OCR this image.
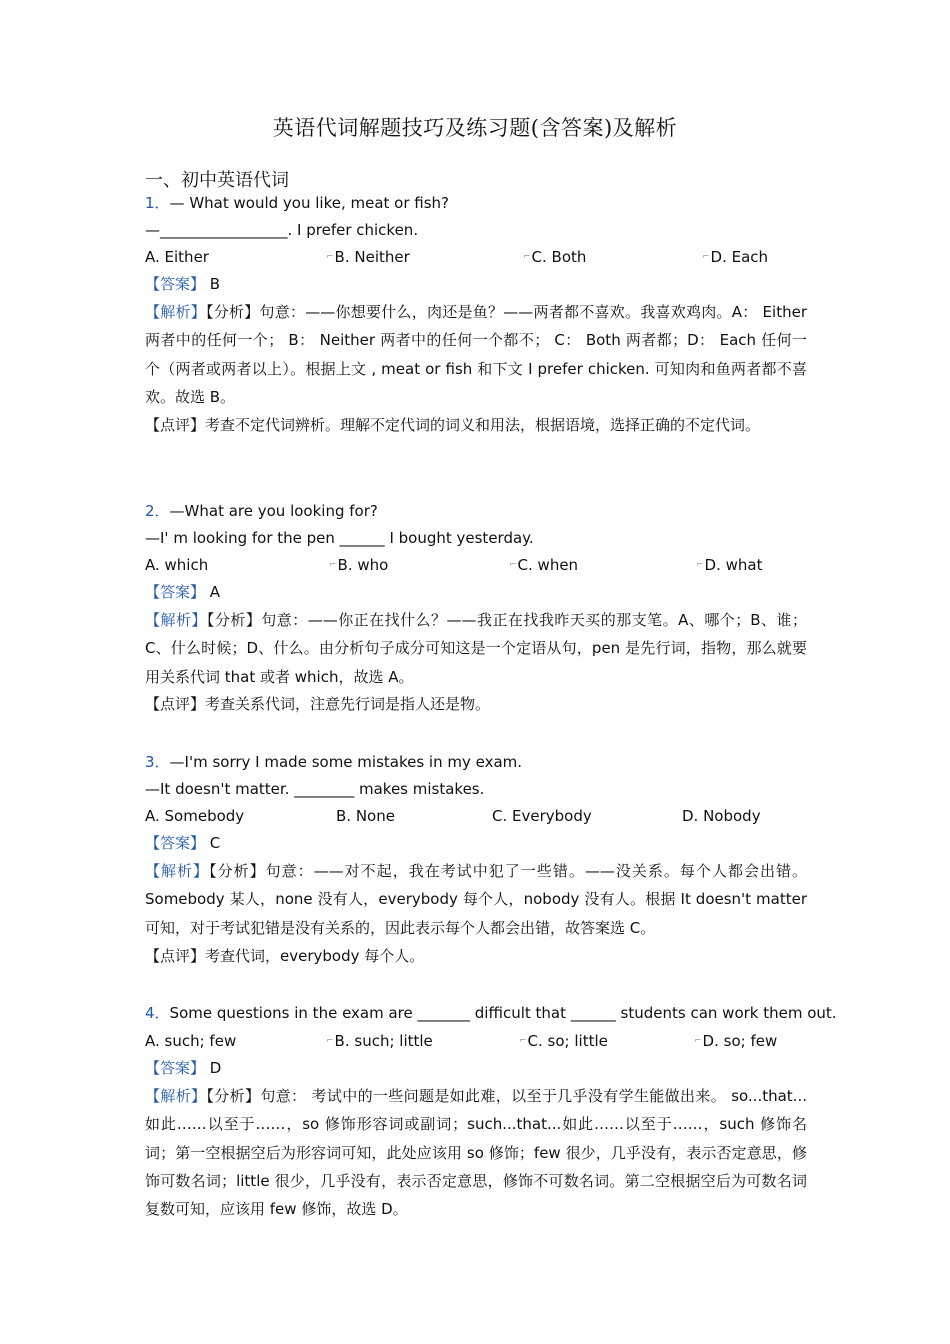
英语代词解题技巧及练习题(含答案)及解析
一、初中英语代词
1．— What would you like, meat or fish?
—_________________. I prefer chicken.
A. Either	⌐B. Neither	⌐C. Both	⌐D. Each
【答案】 B
【解析】【分析】句意：——你想要什么，肉还是鱼？——两者都不喜欢。我喜欢鸡肉。A： Either 两者中的任何一个； B： Neither 两者中的任何一个都不； C： Both 两者都；D： Each 任何一个（两者或两者以上）。根据上文 , meat or fish 和下文 I prefer chicken. 可知肉和鱼两者都不喜欢。故选 B。
【点评】考查不定代词辨析。理解不定代词的词义和用法，根据语境，选择正确的不定代词。
2．—What are you looking for?
—I' m looking for the pen ______ I bought yesterday.
A. which	⌐B. who	⌐C. when	⌐D. what
【答案】 A
【解析】【分析】句意：——你正在找什么？——我正在找我昨天买的那支笔。A、哪个；B、谁；C、什么时候；D、什么。由分析句子成分可知这是一个定语从句，pen 是先行词，指物，那么就要用关系代词 that 或者 which，故选 A。
【点评】考查关系代词，注意先行词是指人还是物。
3．—I'm sorry I made some mistakes in my exam.
—It doesn't matter. ________ makes mistakes.
A. Somebody	B. None	C. Everybody	D. Nobody
【答案】 C
【解析】【分析】句意：——对不起，我在考试中犯了一些错。——没关系。每个人都会出错。Somebody 某人，none 没有人，everybody 每个人，nobody 没有人。根据 It doesn't matter 可知，对于考试犯错是没有关系的，因此表示每个人都会出错，故答案选 C。
【点评】考查代词，everybody 每个人。
4．Some questions in the exam are _______ difficult that ______ students can work them out.
A. such; few	⌐B. such; little	⌐C. so; little	⌐D. so; few
【答案】 D
【解析】【分析】句意： 考试中的一些问题是如此难，以至于几乎没有学生能做出来。 so...that...如此……以至于……，so 修饰形容词或副词；such...that...如此……以至于……，such 修饰名词；第一空根据空后为形容词可知，此处应该用 so 修饰；few 很少，几乎没有，表示否定意思，修饰可数名词；little 很少，几乎没有，表示否定意思，修饰不可数名词。第二空根据空后为可数名词复数可知，应该用 few 修饰，故选 D。
